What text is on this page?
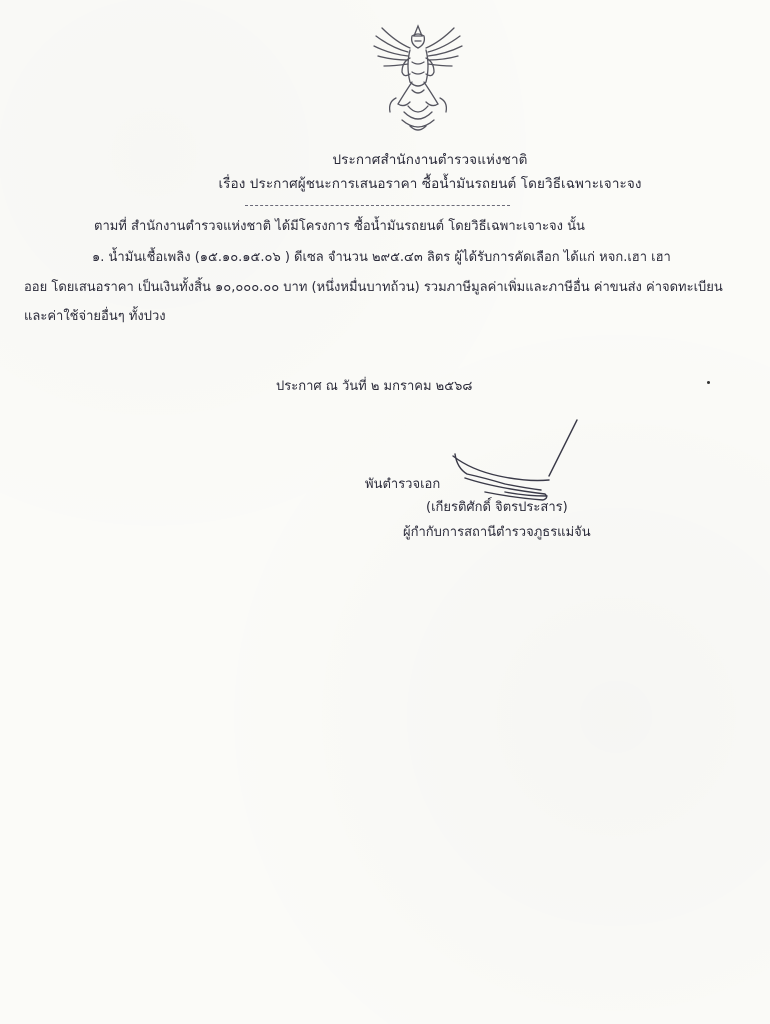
ประกาศสำนักงานตำรวจแห่งชาติ
เรื่อง ประกาศผู้ชนะการเสนอราคา ซื้อน้ำมันรถยนต์ โดยวิธีเฉพาะเจาะจง
ตามที่ สำนักงานตำรวจแห่งชาติ ได้มีโครงการ ซื้อน้ำมันรถยนต์ โดยวิธีเฉพาะเจาะจง นั้น
๑. น้ำมันเชื้อเพลิง (๑๕.๑๐.๑๕.๐๖ ) ดีเซล จำนวน ๒๙๕.๔๓ ลิตร ผู้ได้รับการคัดเลือก ได้แก่ หจก.เฮา เฮา
ออย โดยเสนอราคา เป็นเงินทั้งสิ้น ๑๐,๐๐๐.๐๐ บาท (หนึ่งหมื่นบาทถ้วน) รวมภาษีมูลค่าเพิ่มและภาษีอื่น ค่าขนส่ง ค่าจดทะเบียน
และค่าใช้จ่ายอื่นๆ ทั้งปวง
ประกาศ ณ วันที่ ๒ มกราคม ๒๕๖๘
พันตำรวจเอก
(เกียรติศักดิ์ จิตรประสาร)
ผู้กำกับการสถานีตำรวจภูธรแม่จัน
